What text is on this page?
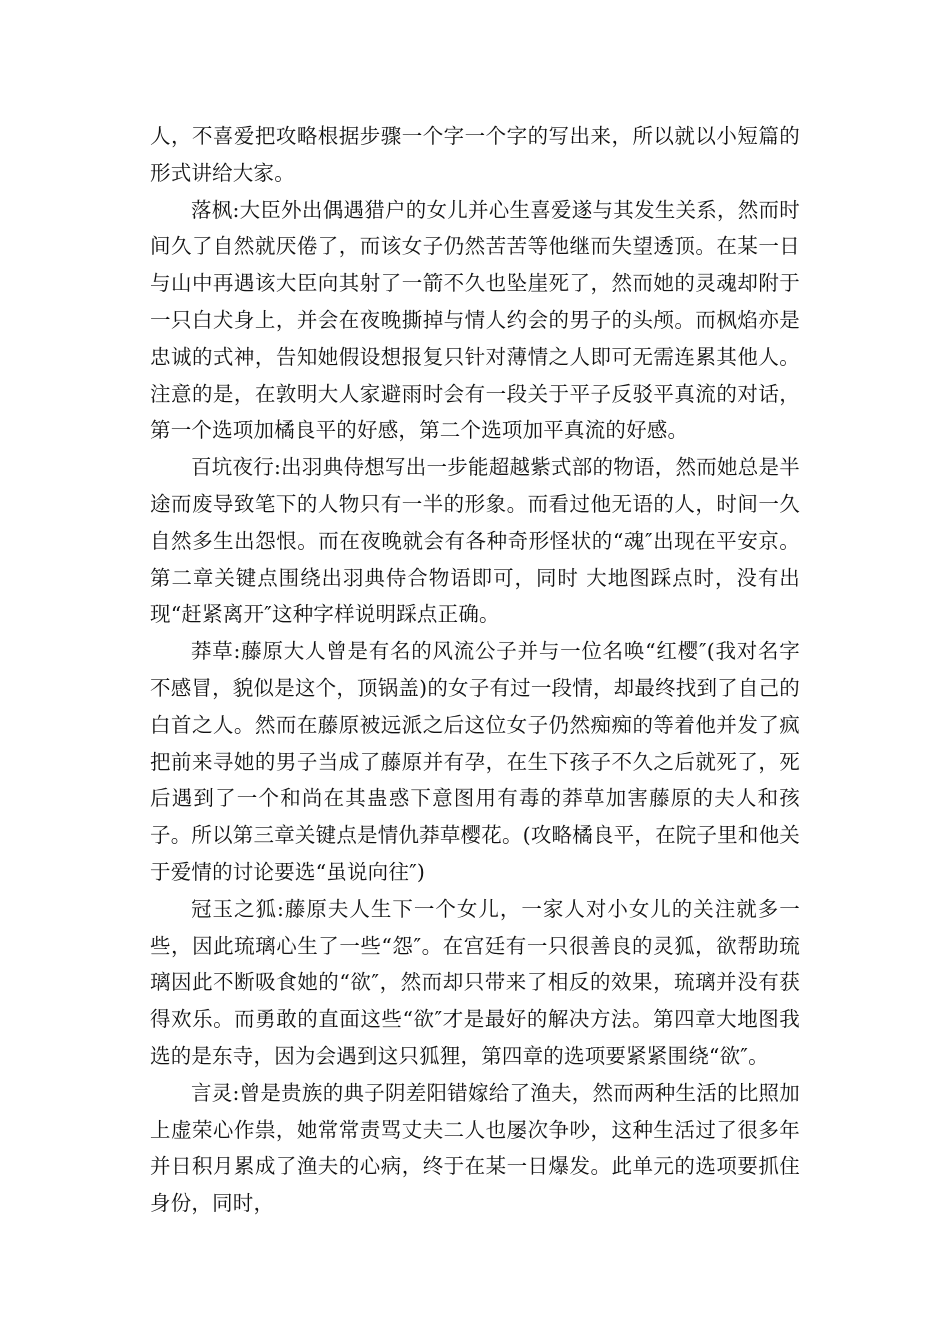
人，不喜爱把攻略根据步骤一个字一个字的写出来，所以就以小短篇的形式讲给大家。

落枫:大臣外出偶遇猎户的女儿并心生喜爱遂与其发生关系，然而时间久了自然就厌倦了，而该女子仍然苦苦等他继而失望透顶。在某一日与山中再遇该大臣向其射了一箭不久也坠崖死了，然而她的灵魂却附于一只白犬身上，并会在夜晚撕掉与情人约会的男子的头颅。而枫焰亦是忠诚的式神，告知她假设想报复只针对薄情之人即可无需连累其他人。注意的是，在敦明大人家避雨时会有一段关于平子反驳平真流的对话，第一个选项加橘良平的好感，第二个选项加平真流的好感。

百坑夜行:出羽典侍想写出一步能超越紫式部的物语，然而她总是半途而废导致笔下的人物只有一半的形象。而看过他无语的人，时间一久自然多生出怨恨。而在夜晚就会有各种奇形怪状的“魂″出现在平安京。第二章关键点围绕出羽典侍合物语即可，同时 大地图踩点时，没有出现“赶紧离开″这种字样说明踩点正确。

莽草:藤原大人曾是有名的风流公子并与一位名唤“红樱″(我对名字不感冒，貌似是这个，顶锅盖)的女子有过一段情，却最终找到了自己的白首之人。然而在藤原被远派之后这位女子仍然痴痴的等着他并发了疯把前来寻她的男子当成了藤原并有孕，在生下孩子不久之后就死了，死后遇到了一个和尚在其蛊惑下意图用有毒的莽草加害藤原的夫人和孩子。所以第三章关键点是情仇莽草樱花。(攻略橘良平，在院子里和他关于爱情的讨论要选“虽说向往″)

冠玉之狐:藤原夫人生下一个女儿，一家人对小女儿的关注就多一些，因此琉璃心生了一些“怨″。在宫廷有一只很善良的灵狐，欲帮助琉璃因此不断吸食她的“欲″，然而却只带来了相反的效果，琉璃并没有获得欢乐。而勇敢的直面这些“欲″才是最好的解决方法。第四章大地图我选的是东寺，因为会遇到这只狐狸，第四章的选项要紧紧围绕“欲″。

言灵:曾是贵族的典子阴差阳错嫁给了渔夫，然而两种生活的比照加上虚荣心作祟，她常常责骂丈夫二人也屡次争吵，这种生活过了很多年并日积月累成了渔夫的心病，终于在某一日爆发。此单元的选项要抓住身份，同时，
